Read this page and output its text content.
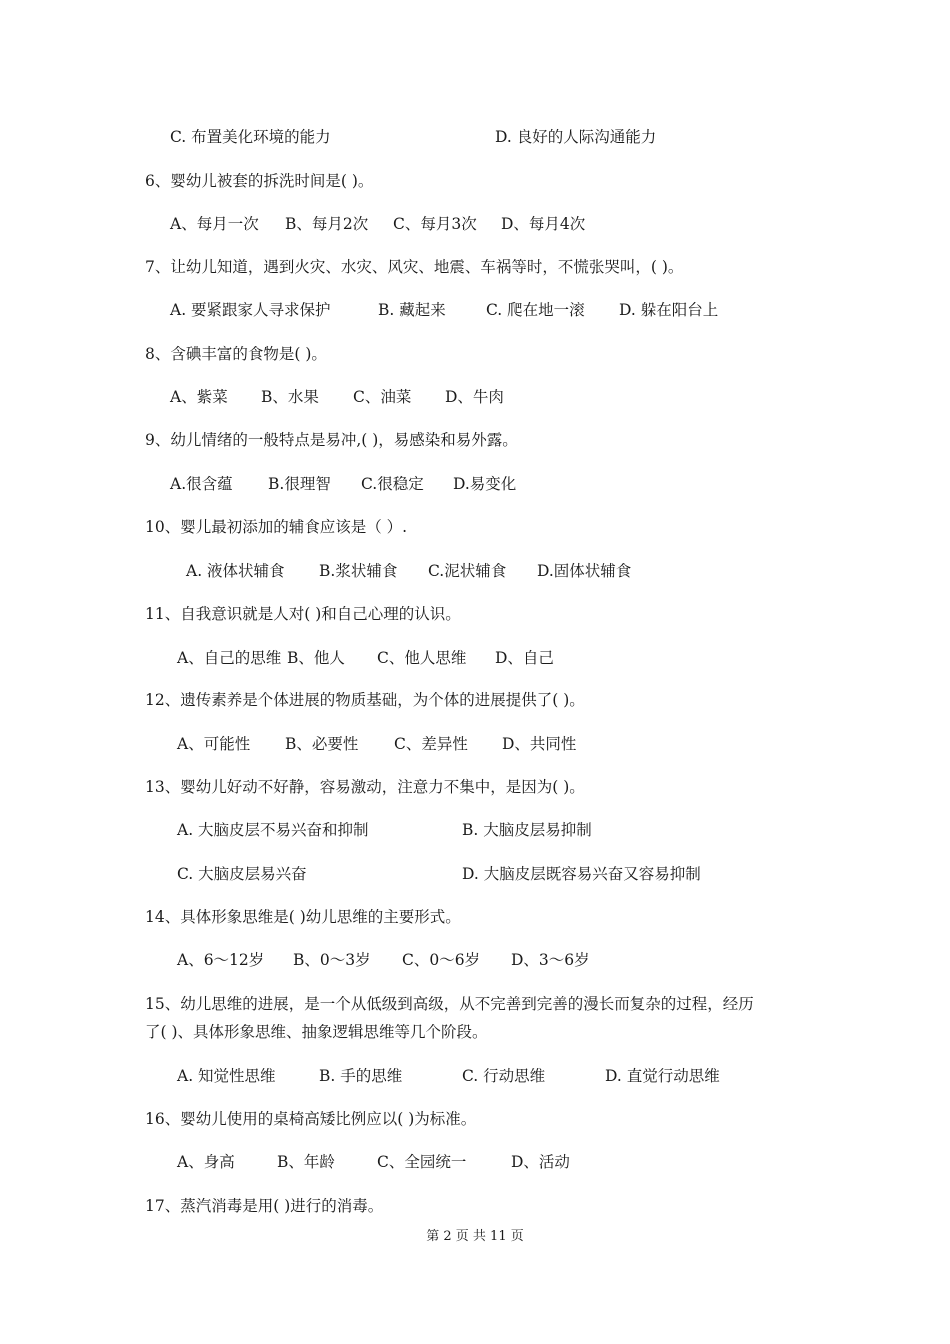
C. 布置美化环境的能力	D. 良好的人际沟通能力
6、婴幼儿被套的拆洗时间是( )。
A、每月一次 B、每月2次 C、每月3次 D、每月4次
7、让幼儿知道，遇到火灾、水灾、风灾、地震、车祸等时，不慌张哭叫，( )。
A. 要紧跟家人寻求保护	B. 藏起来	C. 爬在地一滚 D. 躲在阳台上
8、含碘丰富的食物是( )。
A、紫菜 B、水果 C、油菜 D、牛肉
9、幼儿情绪的一般特点是易冲,( )，易感染和易外露。
A.很含蕴 B.很理智 C.很稳定 D.易变化
10、婴儿最初添加的辅食应该是（ ）.
A. 液体状辅食 B.浆状辅食 C.泥状辅食 D.固体状辅食
11、自我意识就是人对( )和自己心理的认识。
A、自己的思维 B、他人 C、他人思维 D、自己
12、遗传素养是个体进展的物质基础，为个体的进展提供了( )。
A、可能性 B、必要性 C、差异性 D、共同性
13、婴幼儿好动不好静，容易激动，注意力不集中，是因为( )。
A. 大脑皮层不易兴奋和抑制	B. 大脑皮层易抑制
C. 大脑皮层易兴奋	D. 大脑皮层既容易兴奋又容易抑制
14、具体形象思维是( )幼儿思维的主要形式。
A、6～12岁 B、0～3岁 C、0～6岁 D、3～6岁
15、幼儿思维的进展，是一个从低级到高级，从不完善到完善的漫长而复杂的过程，经历
了( )、具体形象思维、抽象逻辑思维等几个阶段。
A. 知觉性思维	B. 手的思维	C. 行动思维	D. 直觉行动思维
16、婴幼儿使用的桌椅高矮比例应以( )为标准。
A、身高	B、年龄	C、全园统一	D、活动
17、蒸汽消毒是用( )进行的消毒。
第 2 页 共 11 页
